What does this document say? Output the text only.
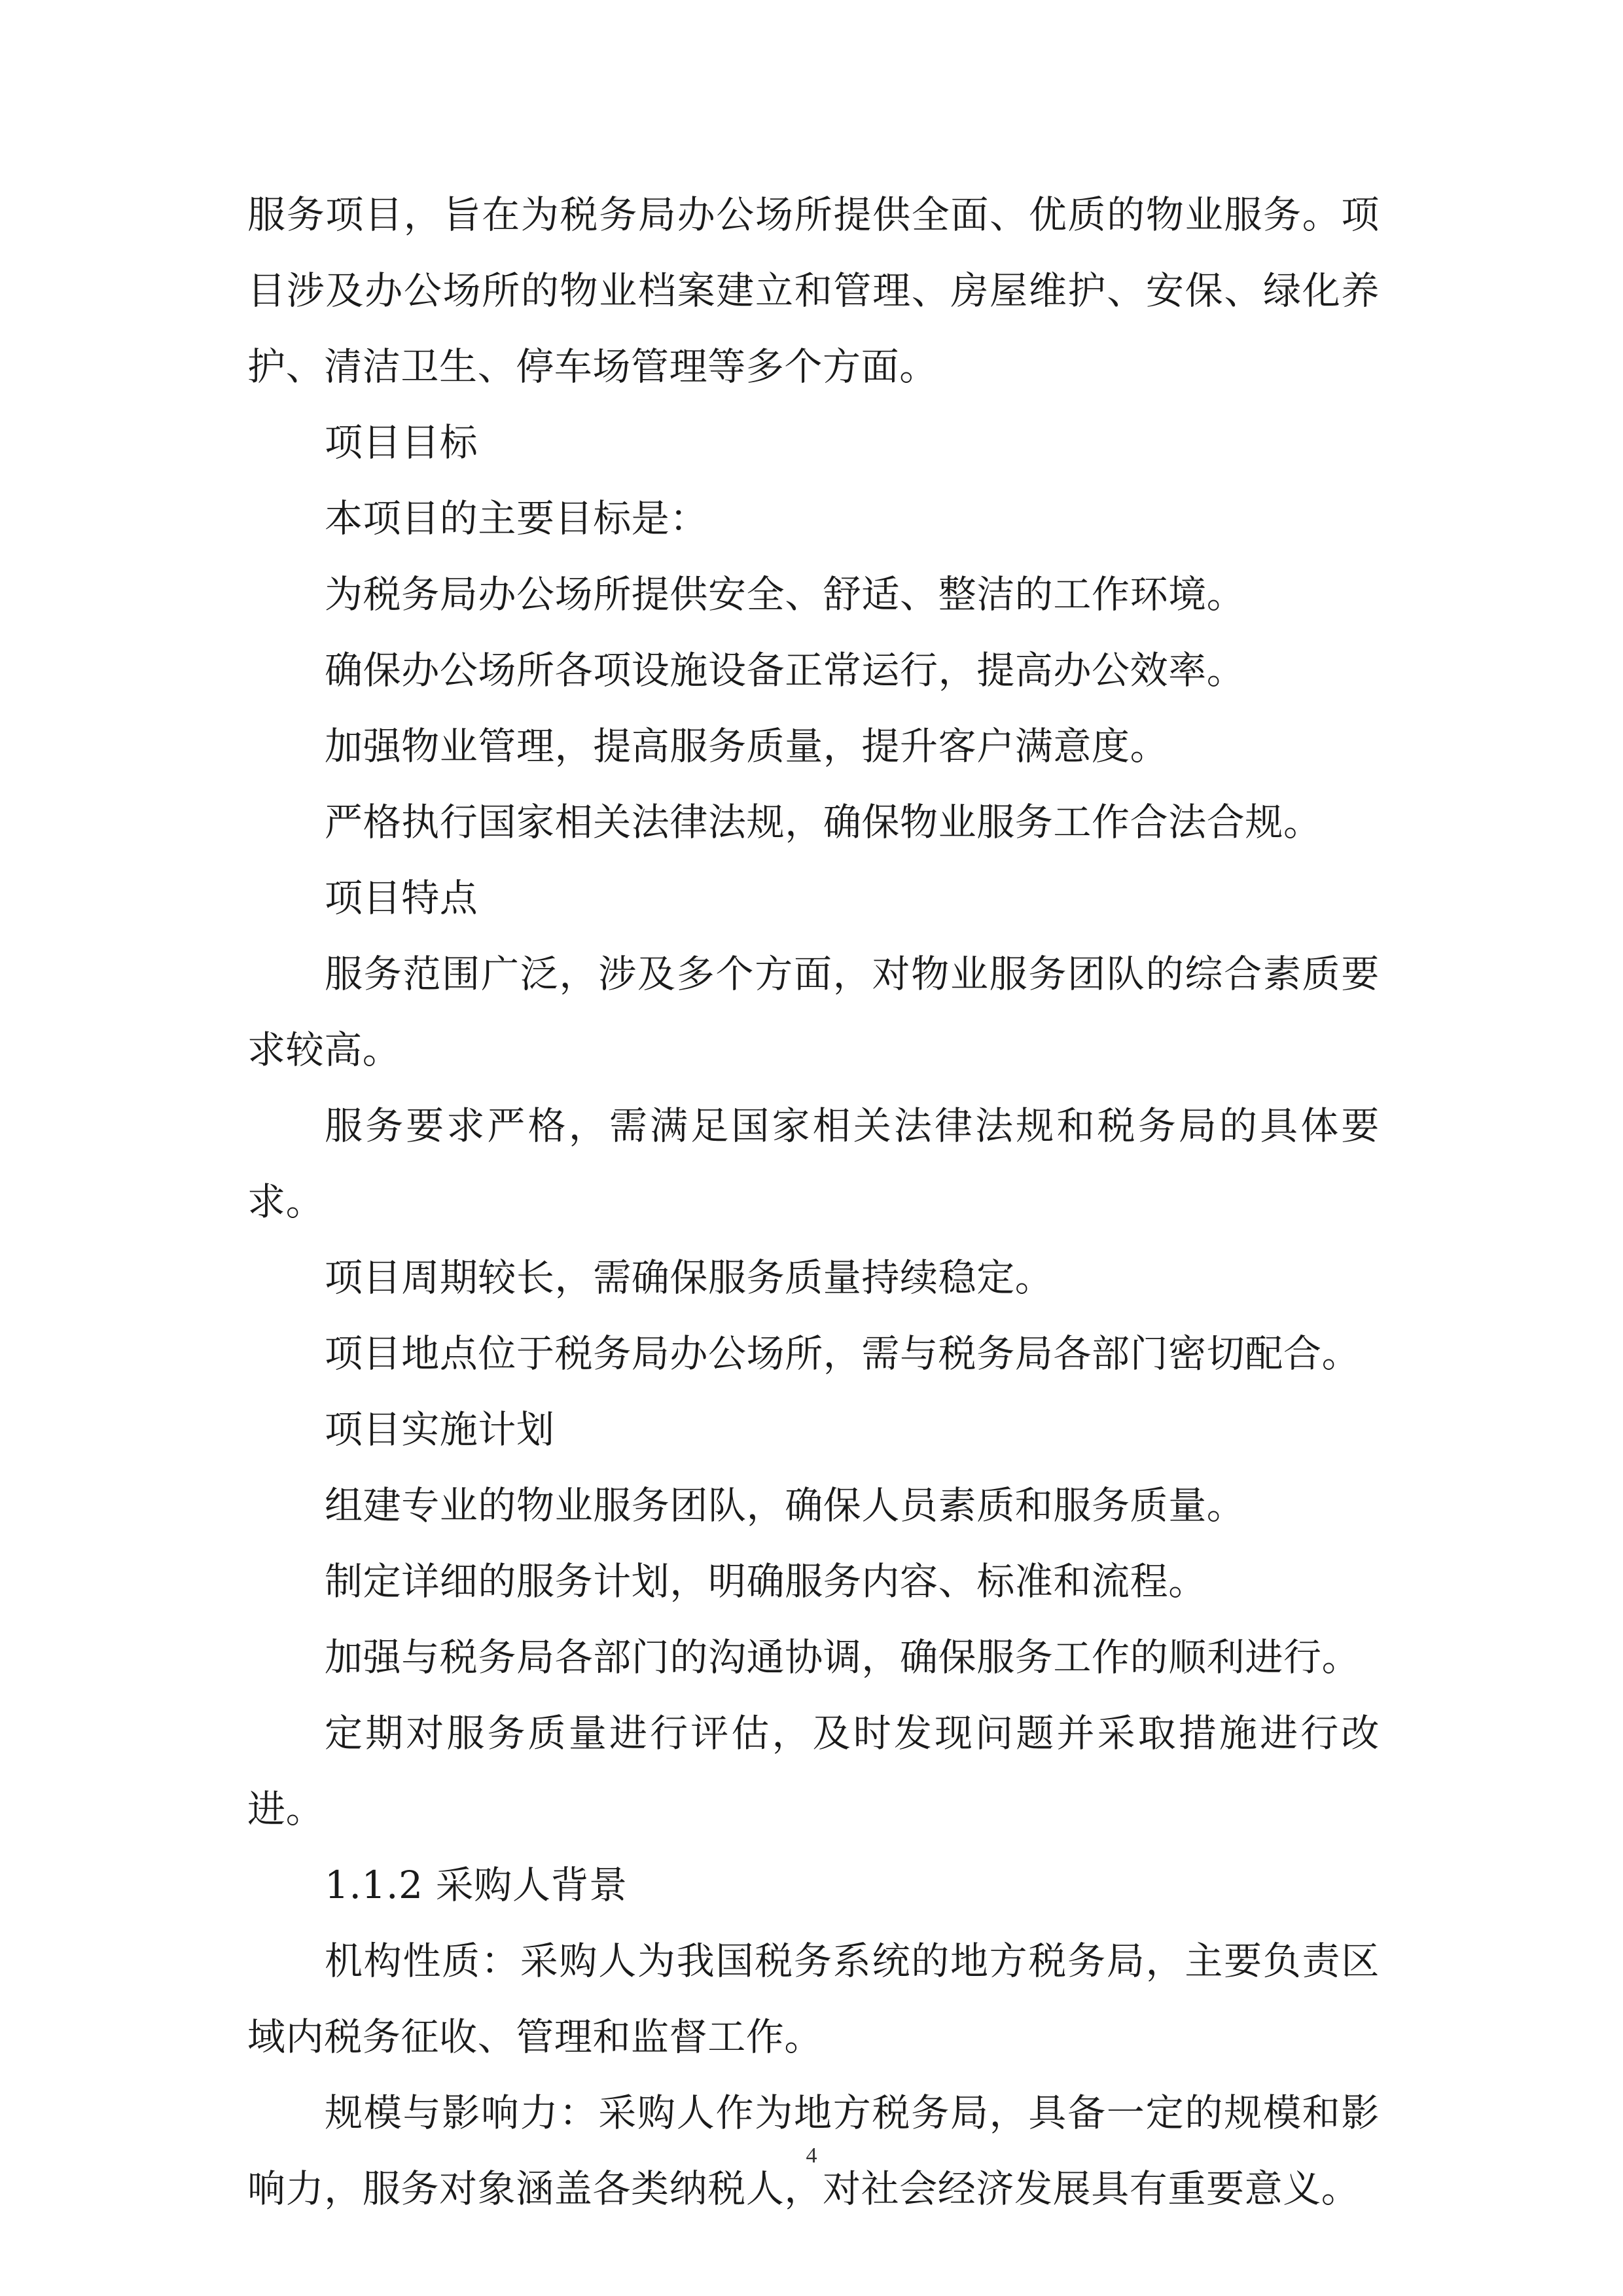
服务项目，旨在为税务局办公场所提供全面、优质的物业服务。项目涉及办公场所的物业档案建立和管理、房屋维护、安保、绿化养护、清洁卫生、停车场管理等多个方面。

项目目标

本项目的主要目标是：

为税务局办公场所提供安全、舒适、整洁的工作环境。

确保办公场所各项设施设备正常运行，提高办公效率。

加强物业管理，提高服务质量，提升客户满意度。

严格执行国家相关法律法规，确保物业服务工作合法合规。

项目特点

服务范围广泛，涉及多个方面，对物业服务团队的综合素质要求较高。

服务要求严格，需满足国家相关法律法规和税务局的具体要求。

项目周期较长，需确保服务质量持续稳定。

项目地点位于税务局办公场所，需与税务局各部门密切配合。

项目实施计划

组建专业的物业服务团队，确保人员素质和服务质量。

制定详细的服务计划，明确服务内容、标准和流程。

加强与税务局各部门的沟通协调，确保服务工作的顺利进行。

定期对服务质量进行评估，及时发现问题并采取措施进行改进。

1.1.2 采购人背景

机构性质：采购人为我国税务系统的地方税务局，主要负责区域内税务征收、管理和监督工作。

规模与影响力：采购人作为地方税务局，具备一定的规模和影响力，服务对象涵盖各类纳税人，对社会经济发展具有重要意义。

4
